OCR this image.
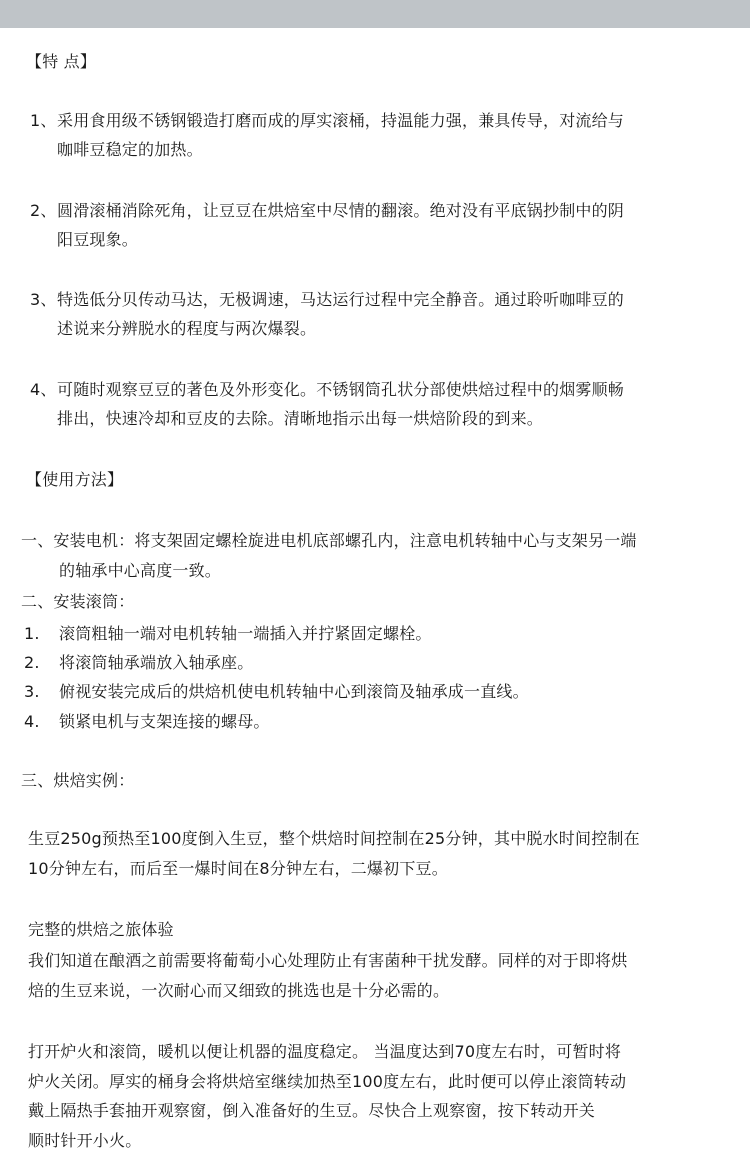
【特 点】
1、 采用食用级不锈钢锻造打磨而成的厚实滚桶，持温能力强，兼具传导，对流给与
咖啡豆稳定的加热。
2、 圆滑滚桶消除死角，让豆豆在烘焙室中尽情的翻滚。绝对没有平底锅抄制中的阴
阳豆现象。
3、 特选低分贝传动马达，无极调速，马达运行过程中完全静音。通过聆听咖啡豆的
述说来分辨脱水的程度与两次爆裂。
4、 可随时观察豆豆的著色及外形变化。不锈钢筒孔状分部使烘焙过程中的烟雾顺畅
排出，快速冷却和豆皮的去除。清晰地指示出每一烘焙阶段的到来。
【使用方法】
一、安装电机：将支架固定螺栓旋进电机底部螺孔内，注意电机转轴中心与支架另一端
的轴承中心高度一致。
二、安装滚筒：
1. 滚筒粗轴一端对电机转轴一端插入并拧紧固定螺栓。
2. 将滚筒轴承端放入轴承座。
3. 俯视安装完成后的烘焙机使电机转轴中心到滚筒及轴承成一直线。
4. 锁紧电机与支架连接的螺母。
三、烘焙实例：
生豆250g预热至100度倒入生豆，整个烘焙时间控制在25分钟，其中脱水时间控制在
10分钟左右，而后至一爆时间在8分钟左右，二爆初下豆。
完整的烘焙之旅体验
我们知道在酿酒之前需要将葡萄小心处理防止有害菌种干扰发酵。同样的对于即将烘
焙的生豆来说，一次耐心而又细致的挑选也是十分必需的。
打开炉火和滚筒，暖机以便让机器的温度稳定。 当温度达到70度左右时，可暂时将
炉火关闭。厚实的桶身会将烘焙室继续加热至100度左右，此时便可以停止滚筒转动
戴上隔热手套抽开观察窗，倒入准备好的生豆。尽快合上观察窗，按下转动开关
顺时针开小火。
